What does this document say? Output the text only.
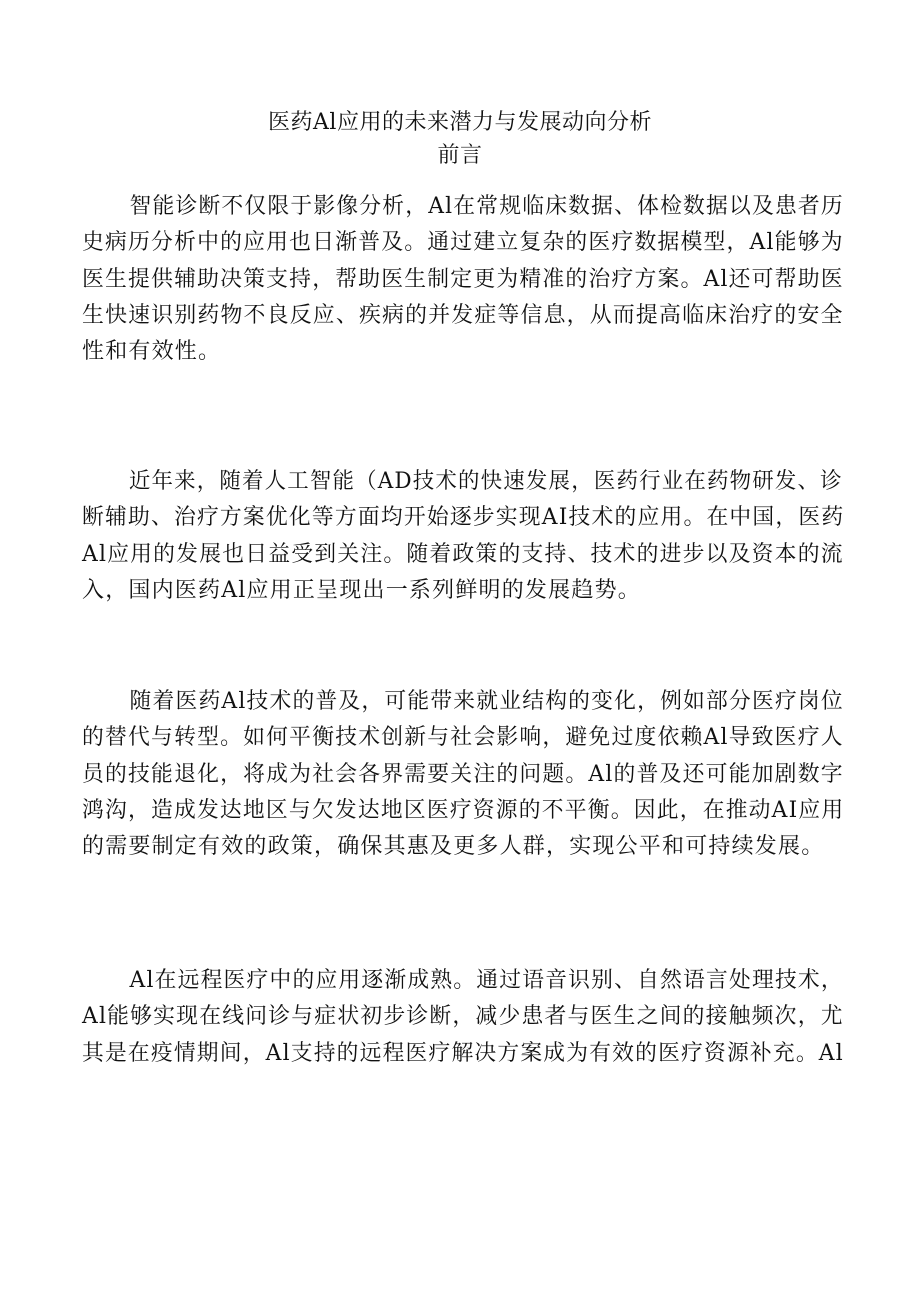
医药Al应用的未来潜力与发展动向分析
前言
智能诊断不仅限于影像分析，Al在常规临床数据、体检数据以及患者历
史病历分析中的应用也日渐普及。通过建立复杂的医疗数据模型，Al能够为
医生提供辅助决策支持，帮助医生制定更为精准的治疗方案。Al还可帮助医
生快速识别药物不良反应、疾病的并发症等信息，从而提高临床治疗的安全
性和有效性。
近年来，随着人工智能（AD技术的快速发展，医药行业在药物研发、诊
断辅助、治疗方案优化等方面均开始逐步实现AI技术的应用。在中国，医药
Al应用的发展也日益受到关注。随着政策的支持、技术的进步以及资本的流
入，国内医药Al应用正呈现出一系列鲜明的发展趋势。
随着医药Al技术的普及，可能带来就业结构的变化，例如部分医疗岗位
的替代与转型。如何平衡技术创新与社会影响，避免过度依赖Al导致医疗人
员的技能退化，将成为社会各界需要关注的问题。Al的普及还可能加剧数字
鸿沟，造成发达地区与欠发达地区医疗资源的不平衡。因此，在推动AI应用
的需要制定有效的政策，确保其惠及更多人群，实现公平和可持续发展。
Al在远程医疗中的应用逐渐成熟。通过语音识别、自然语言处理技术，
Al能够实现在线问诊与症状初步诊断，减少患者与医生之间的接触频次，尤
其是在疫情期间，Al支持的远程医疗解决方案成为有效的医疗资源补充。Al
